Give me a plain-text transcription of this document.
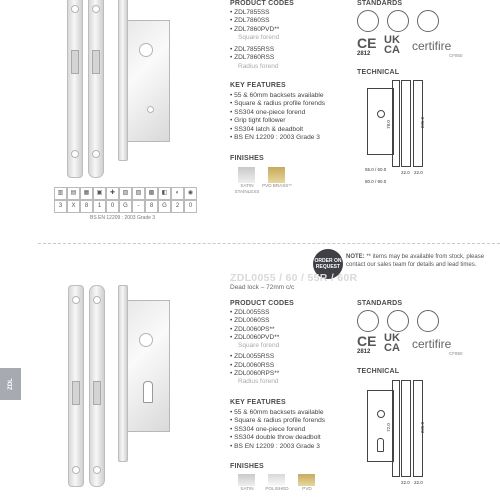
ZDL
▥	▤	▦	▣	✚	▧	▨	▩	◧	◐	◉
3	X	8	1	0	G	-	8	G	2	0
BS EN 12209 : 2003 Grade 3
PRODUCT CODES
• ZDL7855SS
• ZDL7860SS
• ZDL7860PVD**
Square forend
• ZDL7855RSS
• ZDL7860RSS
Radius forend
KEY FEATURES
• 55 & 60mm backsets available
• Square & radius profile forends
• SS304 one-piece forend
• Grip tight follower
• SS304 latch & deadbolt
• BS EN 12209 : 2003 Grade 3
FINISHES
SATIN STAINLESS
PVD BRASS**
STANDARDS
CE
2812
UK
CA certifire
CF850
TECHNICAL
78.0	235.0
55.0 / 60.0
80.0 / 90.0
22.0 22.0
ORDER ON
REQUEST
NOTE: ** items may be available from stock, please contact our sales team for details and lead times.
ZDL0055 / 60 / 55R / 60R
Dead lock – 72mm c/c
PRODUCT CODES
• ZDL0055SS
• ZDL0060SS
• ZDL0060PS**
• ZDL0060PVD**
Square forend
• ZDL0055RSS
• ZDL0060RSS
• ZDL0060RPS**
Radius forend
KEY FEATURES
• 55 & 60mm backsets available
• Square & radius profile forends
• SS304 one-piece forend
• SS304 double throw deadbolt
• BS EN 12209 : 2003 Grade 3
FINISHES
SATIN	POLISHED	PVD
STANDARDS
CE
2812
UK
CA certifire
CF850
TECHNICAL
72.0	235.0
22.0 22.0
